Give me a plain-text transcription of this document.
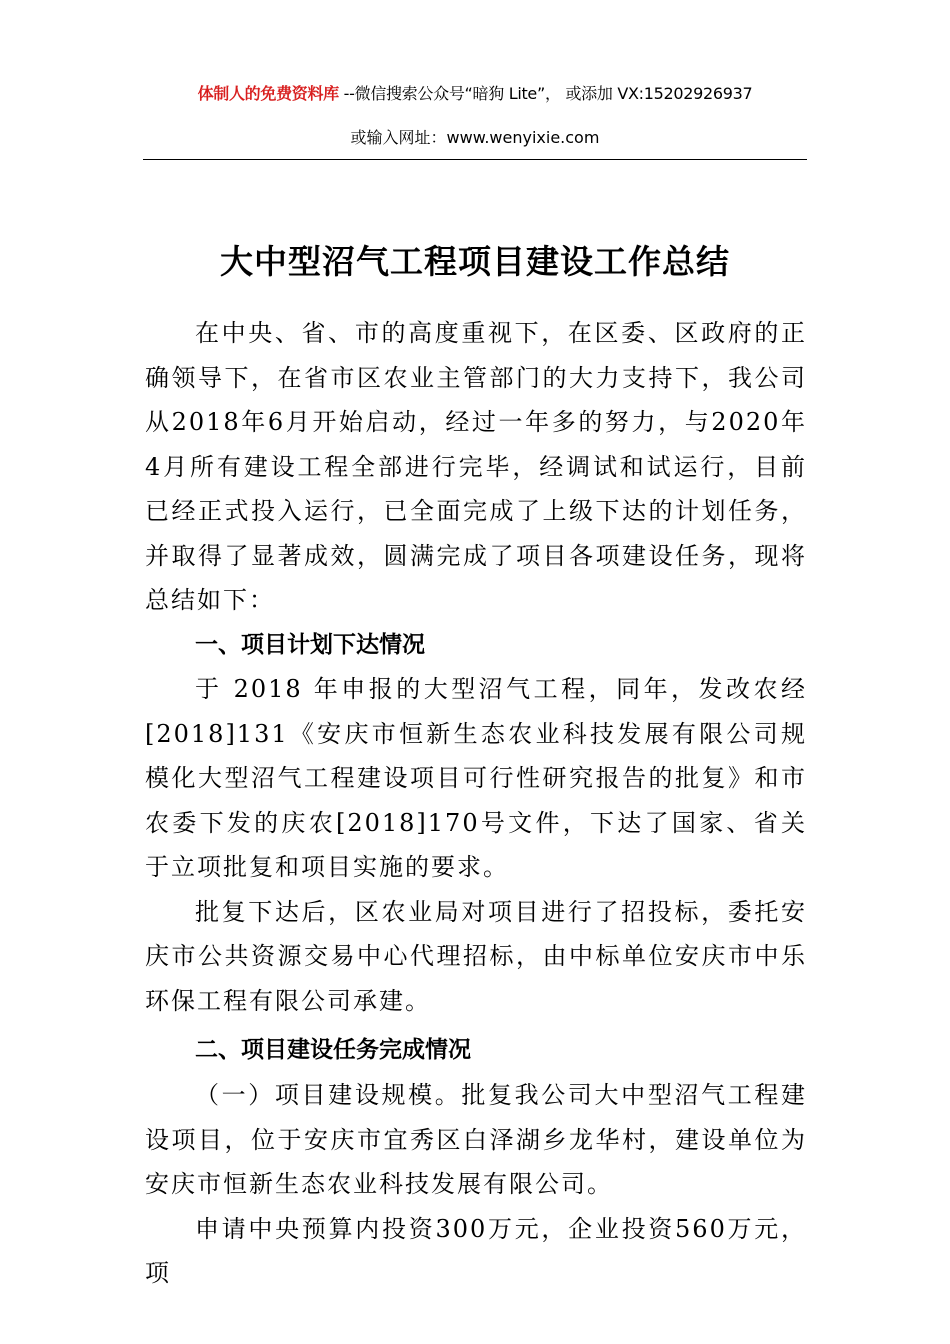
体制人的免费资料库 --微信搜索公众号“暗狗 Lite”， 或添加 VX:15202926937
或输入网址：www.wenyixie.com
大中型沼气工程项目建设工作总结

在中央、省、市的高度重视下，在区委、区政府的正确领导下，在省市区农业主管部门的大力支持下，我公司从2018年6月开始启动，经过一年多的努力，与2020年4月所有建设工程全部进行完毕，经调试和试运行，目前已经正式投入运行，已全面完成了上级下达的计划任务，并取得了显著成效，圆满完成了项目各项建设任务，现将总结如下：

一、项目计划下达情况

于 2018 年申报的大型沼气工程，同年，发改农经[2018]131《安庆市恒新生态农业科技发展有限公司规模化大型沼气工程建设项目可行性研究报告的批复》和市农委下发的庆农[2018]170号文件，下达了国家、省关于立项批复和项目实施的要求。

批复下达后，区农业局对项目进行了招投标，委托安庆市公共资源交易中心代理招标，由中标单位安庆市中乐环保工程有限公司承建。

二、项目建设任务完成情况

（一）项目建设规模。批复我公司大中型沼气工程建设项目，位于安庆市宜秀区白泽湖乡龙华村，建设单位为安庆市恒新生态农业科技发展有限公司。

申请中央预算内投资300万元，企业投资560万元，项
